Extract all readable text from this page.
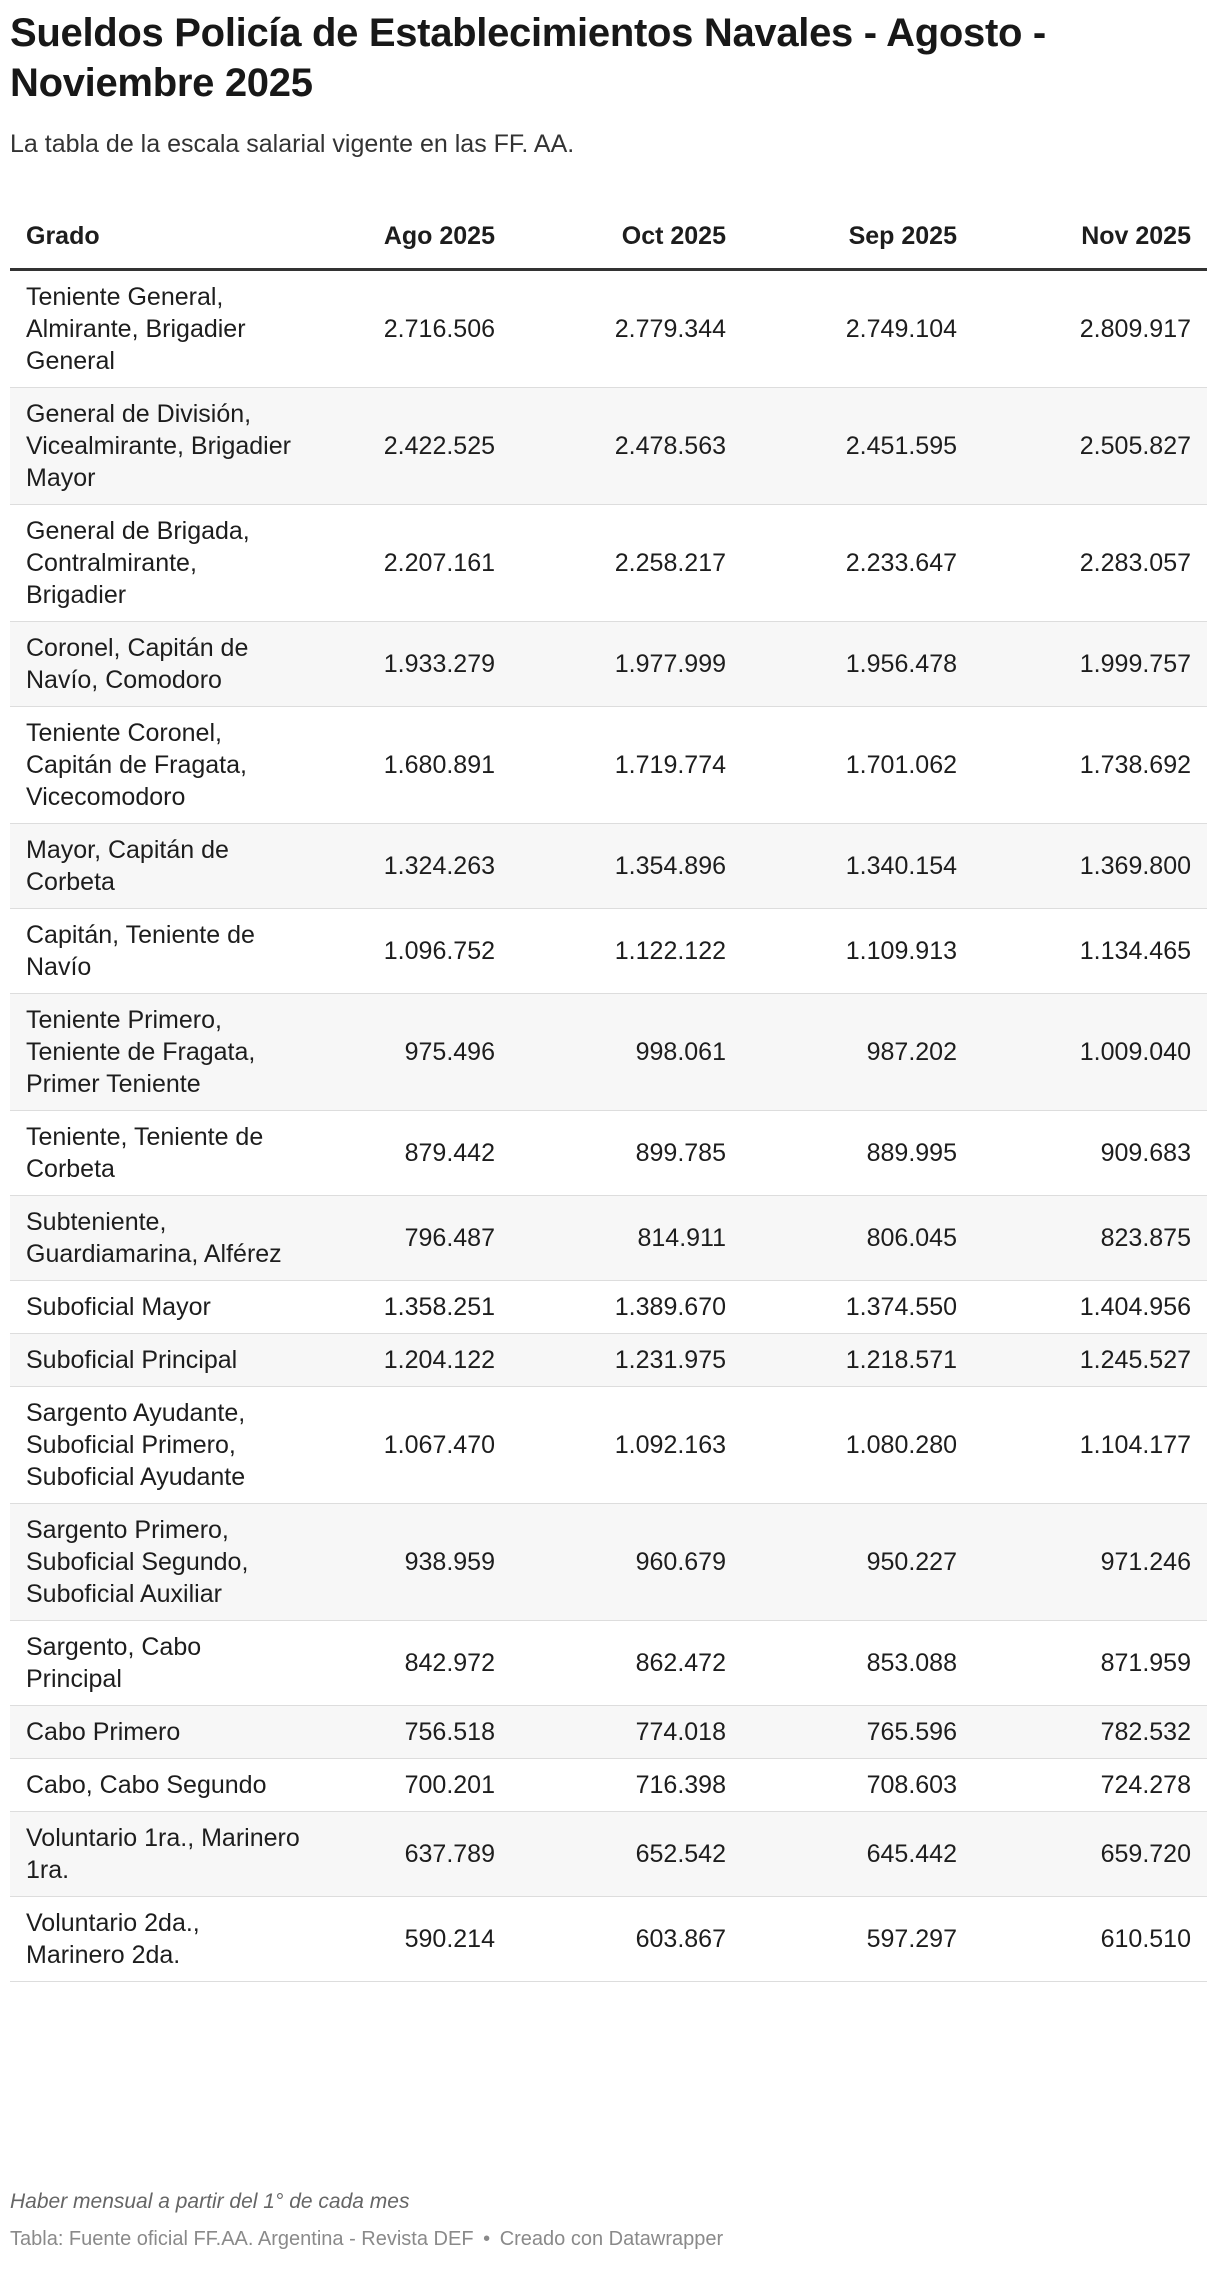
Sueldos Policía de Establecimientos Navales - Agosto - Noviembre 2025
La tabla de la escala salarial vigente en las FF. AA.
Grado	Ago 2025	Oct 2025	Sep 2025	Nov 2025
Teniente General, Almirante, Brigadier General	2.716.506	2.779.344	2.749.104	2.809.917
General de División, Vicealmirante, Brigadier Mayor	2.422.525	2.478.563	2.451.595	2.505.827
General de Brigada, Contralmirante, Brigadier	2.207.161	2.258.217	2.233.647	2.283.057
Coronel, Capitán de Navío, Comodoro	1.933.279	1.977.999	1.956.478	1.999.757
Teniente Coronel, Capitán de Fragata, Vicecomodoro	1.680.891	1.719.774	1.701.062	1.738.692
Mayor, Capitán de Corbeta	1.324.263	1.354.896	1.340.154	1.369.800
Capitán, Teniente de Navío	1.096.752	1.122.122	1.109.913	1.134.465
Teniente Primero, Teniente de Fragata, Primer Teniente	975.496	998.061	987.202	1.009.040
Teniente, Teniente de Corbeta	879.442	899.785	889.995	909.683
Subteniente, Guardiamarina, Alférez	796.487	814.911	806.045	823.875
Suboficial Mayor	1.358.251	1.389.670	1.374.550	1.404.956
Suboficial Principal	1.204.122	1.231.975	1.218.571	1.245.527
Sargento Ayudante, Suboficial Primero, Suboficial Ayudante	1.067.470	1.092.163	1.080.280	1.104.177
Sargento Primero, Suboficial Segundo, Suboficial Auxiliar	938.959	960.679	950.227	971.246
Sargento, Cabo Principal	842.972	862.472	853.088	871.959
Cabo Primero	756.518	774.018	765.596	782.532
Cabo, Cabo Segundo	700.201	716.398	708.603	724.278
Voluntario 1ra., Marinero 1ra.	637.789	652.542	645.442	659.720
Voluntario 2da., Marinero 2da.	590.214	603.867	597.297	610.510
Haber mensual a partir del 1° de cada mes
Tabla: Fuente oficial FF.AA. Argentina - Revista DEF • Creado con Datawrapper
